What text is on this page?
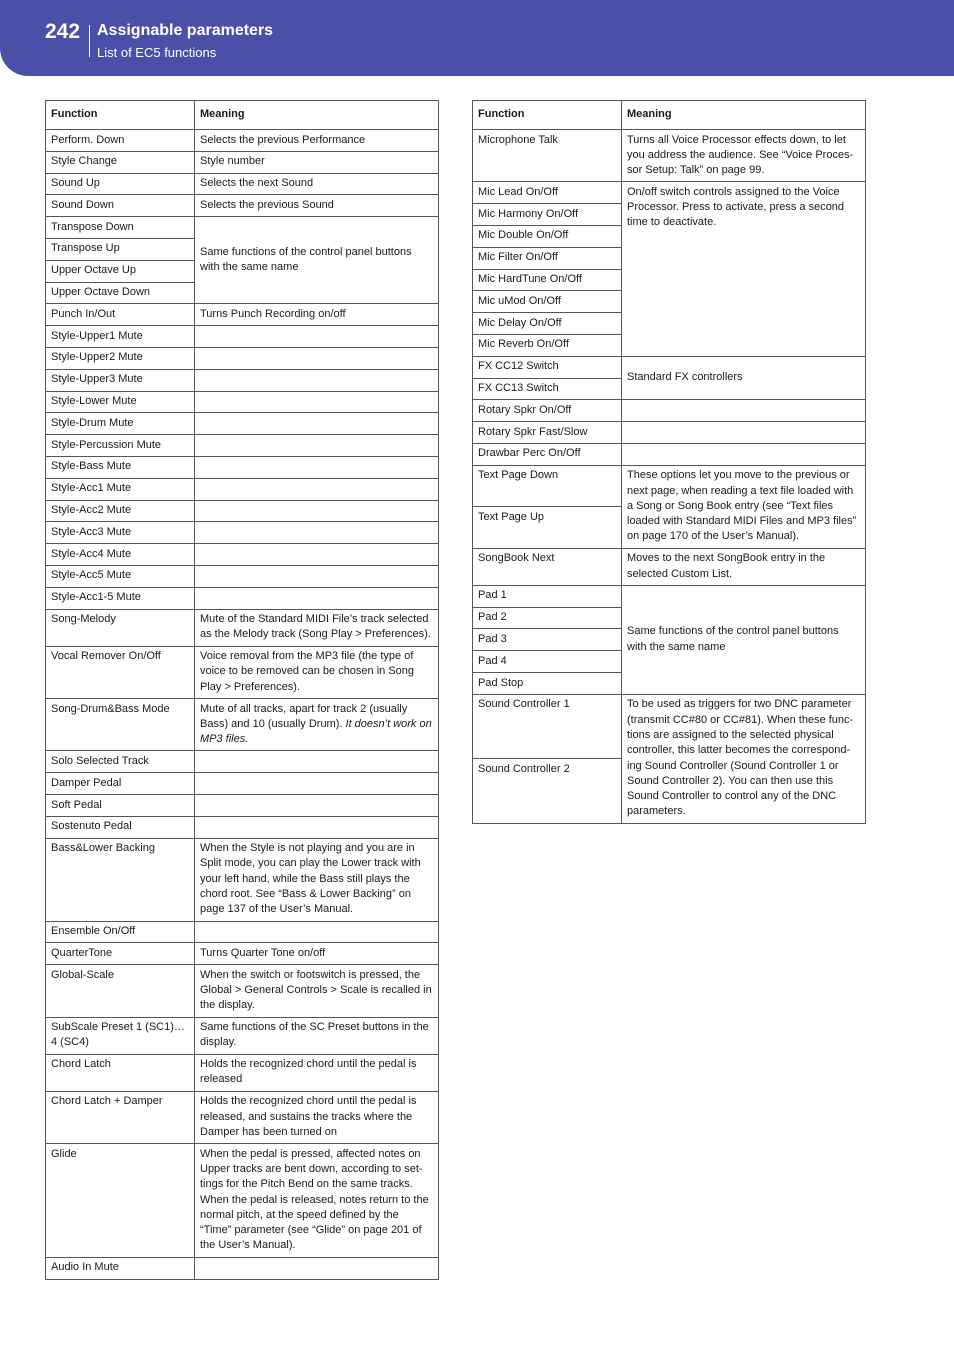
242 Assignable parameters
List of EC5 functions
Function	Meaning
Perform. Down	Selects the previous Performance
Style Change	Style number
Sound Up	Selects the next Sound
Sound Down	Selects the previous Sound
Transpose Down	Same functions of the control panel buttons with the same name
Transpose Up	
Upper Octave Up	
Upper Octave Down	
Punch In/Out	Turns Punch Recording on/off
Style-Upper1 Mute	
Style-Upper2 Mute	
Style-Upper3 Mute	
Style-Lower Mute	
Style-Drum Mute	
Style-Percussion Mute	
Style-Bass Mute	
Style-Acc1 Mute	
Style-Acc2 Mute	
Style-Acc3 Mute	
Style-Acc4 Mute	
Style-Acc5 Mute	
Style-Acc1-5 Mute	
Song-Melody	Mute of the Standard MIDI File’s track selected as the Melody track (Song Play > Preferences).
Vocal Remover On/Off	Voice removal from the MP3 file (the type of voice to be removed can be chosen in Song Play > Preferences).
Song-Drum&Bass Mode	Mute of all tracks, apart for track 2 (usually Bass) and 10 (usually Drum). It doesn’t work on MP3 files.
Solo Selected Track	
Damper Pedal	
Soft Pedal	
Sostenuto Pedal	
Bass&Lower Backing	When the Style is not playing and you are in Split mode, you can play the Lower track with your left hand, while the Bass still plays the chord root. See “Bass & Lower Backing” on page 137 of the User’s Manual.
Ensemble On/Off	
QuarterTone	Turns Quarter Tone on/off
Global-Scale	When the switch or footswitch is pressed, the Global > General Controls > Scale is recalled in the display.
SubScale Preset 1 (SC1)…4 (SC4)	Same functions of the SC Preset buttons in the display.
Chord Latch	Holds the recognized chord until the pedal is released
Chord Latch + Damper	Holds the recognized chord until the pedal is released, and sustains the tracks where the Damper has been turned on
Glide	When the pedal is pressed, affected notes on Upper tracks are bent down, according to set-tings for the Pitch Bend on the same tracks. When the pedal is released, notes return to the normal pitch, at the speed defined by the “Time” parameter (see “Glide” on page 201 of the User’s Manual).
Audio In Mute	
Function	Meaning
Microphone Talk	Turns all Voice Processor effects down, to let you address the audience. See “Voice Proces-sor Setup: Talk” on page 99.
Mic Lead On/Off	On/off switch controls assigned to the Voice Processor. Press to activate, press a second time to deactivate.
Mic Harmony On/Off	
Mic Double On/Off	
Mic Filter On/Off	
Mic HardTune On/Off	
Mic uMod On/Off	
Mic Delay On/Off	
Mic Reverb On/Off	
FX CC12 Switch	Standard FX controllers
FX CC13 Switch	
Rotary Spkr On/Off	
Rotary Spkr Fast/Slow	
Drawbar Perc On/Off	
Text Page Down	These options let you move to the previous or next page, when reading a text file loaded with a Song or Song Book entry (see “Text files loaded with Standard MIDI Files and MP3 files” on page 170 of the User’s Manual).
Text Page Up	
SongBook Next	Moves to the next SongBook entry in the selected Custom List.
Pad 1	Same functions of the control panel buttons with the same name
Pad 2	
Pad 3	
Pad 4	
Pad Stop	
Sound Controller 1	To be used as triggers for two DNC parameter (transmit CC#80 or CC#81). When these func-tions are assigned to the selected physical controller, this latter becomes the correspond-ing Sound Controller (Sound Controller 1 or Sound Controller 2). You can then use this Sound Controller to control any of the DNC parameters.
Sound Controller 2	
